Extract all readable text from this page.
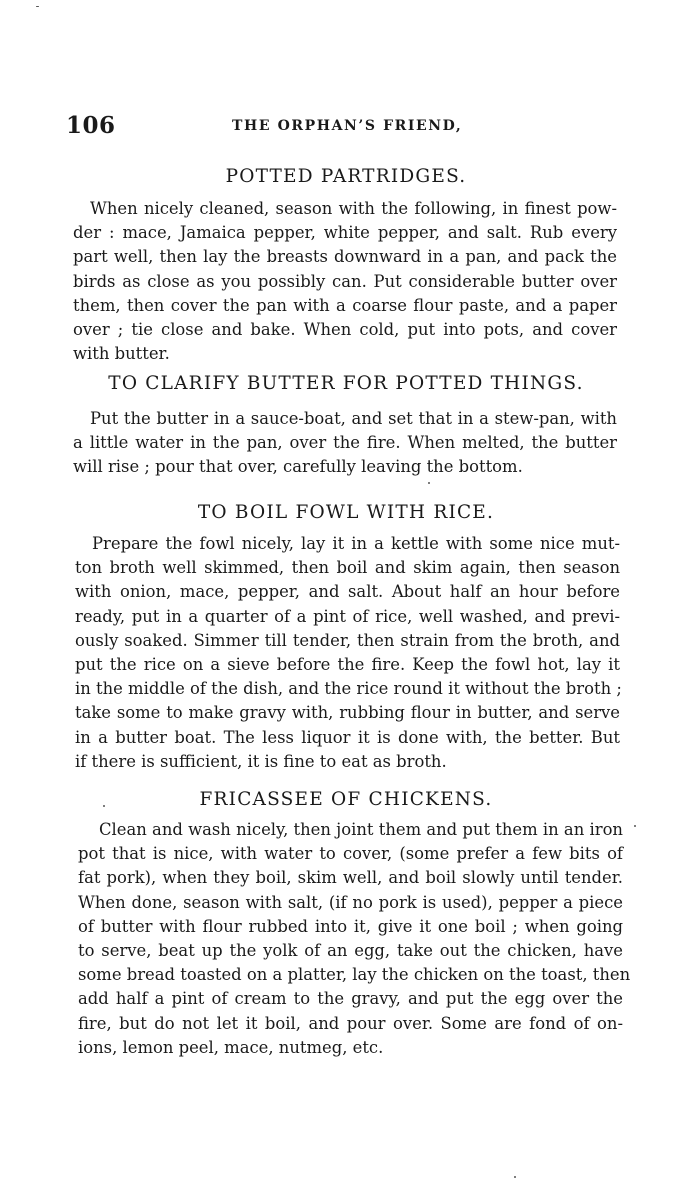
106	THE ORPHAN’S FRIEND,
POTTED PARTRIDGES.
When nicely cleaned, season with the following, in finest pow-
der : mace, Jamaica pepper, white pepper, and salt. Rub every
part well, then lay the breasts downward in a pan, and pack the
birds as close as you possibly can. Put considerable butter over
them, then cover the pan with a coarse flour paste, and a paper
over ; tie close and bake. When cold, put into pots, and cover
with butter.
TO CLARIFY BUTTER FOR POTTED THINGS.
Put the butter in a sauce-boat, and set that in a stew-pan, with
a little water in the pan, over the fire. When melted, the butter
will rise ; pour that over, carefully leaving the bottom.
TO BOIL FOWL WITH RICE.
Prepare the fowl nicely, lay it in a kettle with some nice mut-
ton broth well skimmed, then boil and skim again, then season
with onion, mace, pepper, and salt. About half an hour before
ready, put in a quarter of a pint of rice, well washed, and previ-
ously soaked. Simmer till tender, then strain from the broth, and
put the rice on a sieve before the fire. Keep the fowl hot, lay it
in the middle of the dish, and the rice round it without the broth ;
take some to make gravy with, rubbing flour in butter, and serve
in a butter boat. The less liquor it is done with, the better. But
if there is sufficient, it is fine to eat as broth.
FRICASSEE OF CHICKENS.
Clean and wash nicely, then joint them and put them in an iron
pot that is nice, with water to cover, (some prefer a few bits of
fat pork), when they boil, skim well, and boil slowly until tender.
When done, season with salt, (if no pork is used), pepper a piece
of butter with flour rubbed into it, give it one boil ; when going
to serve, beat up the yolk of an egg, take out the chicken, have
some bread toasted on a platter, lay the chicken on the toast, then
add half a pint of cream to the gravy, and put the egg over the
fire, but do not let it boil, and pour over. Some are fond of on-
ions, lemon peel, mace, nutmeg, etc.
